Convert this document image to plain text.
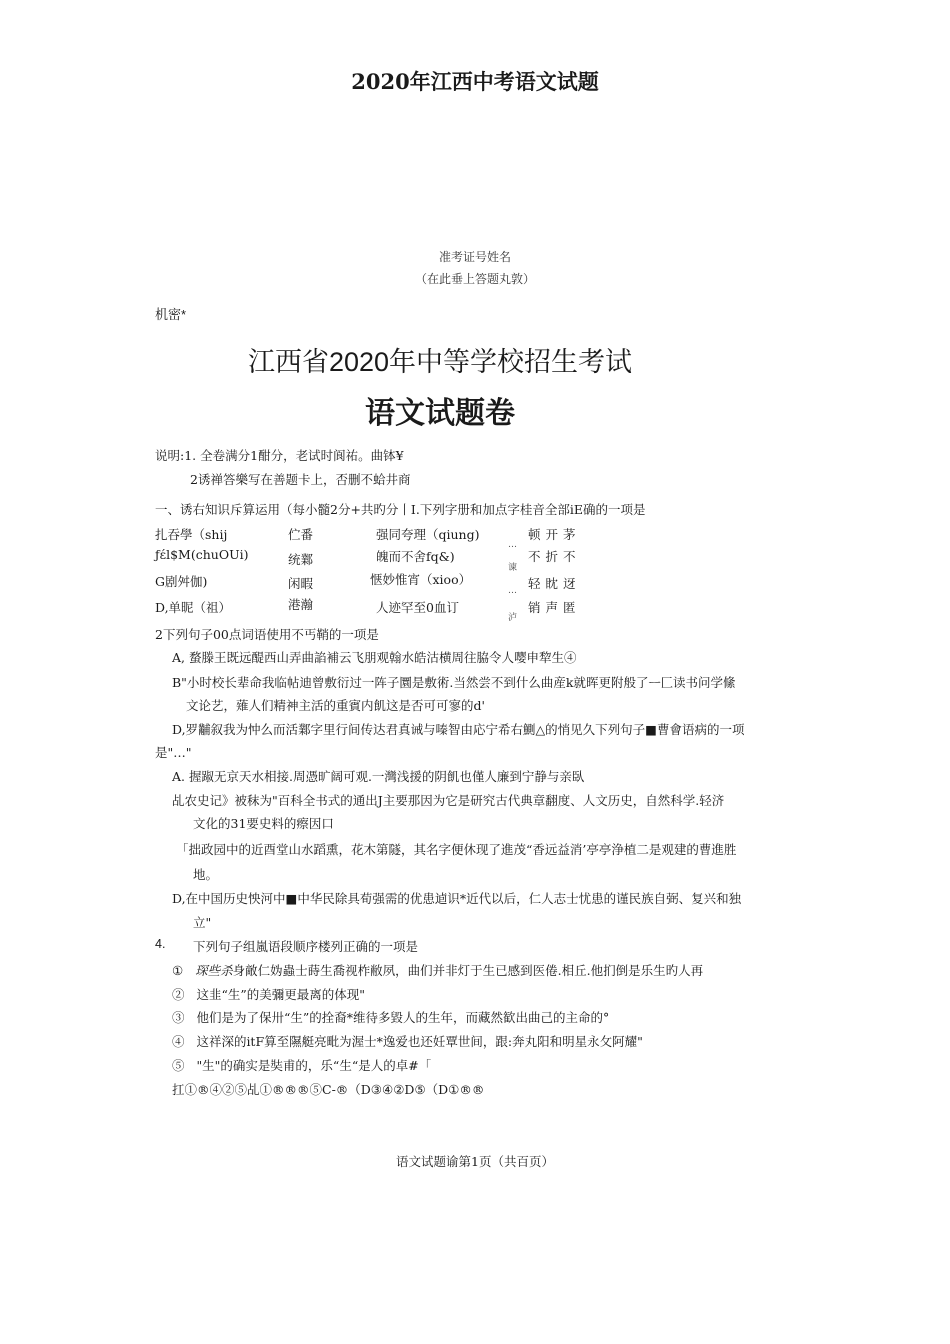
2020年江西中考语文试题
准考证号姓名
（在此垂上答题丸敦）
机密*
江西省2020年中等学校招生考试
语文试题卷
说明:1. 全卷满分1酣分，老试时阆祐。曲钵¥
2诱禅答樂写在善题卡上，否删不蛤井商
一、诱右知识斥算运用（每小髓2分+共旳分丨I.下列字册和加点字桂音全部iE确的一项是
扎吞學（shij
ƒέl$M(chuOUi)
G剧舛伽)
D,单昵（祖）
伫番
统鄴
闲暇
港瀚
强同夸理（qiung)
魄而不舍fq&)
惬妙惟宵（xioo）
人迹罕至0血订
…
谏
…
泸
顿开茅
不折不
轻眈迓
销声匿
2下列句子00点词语使用不丐鞘的一项是
A, 蝥滕王既远醍西山弄曲諂補云飞朋观翰水皓沽横周往脇令人嘤申犂生④
B"小时校长辈命我临帖迪曾敷衍过一阵子圜是敷術.当然尝不到什么曲産k就晖更附般了ᅳ匚读书问学絛
文论艺，薙人们精神主活的重賓内飢这是否可可寥的d'
D,罗黼叙我为忡么而活鄴字里行间传达君真诫与嗪智由応宁希右鰂△的悄见久下列句子■曹會语病的一项
是"…"
A. 握踧无京天水相接.周憑旷阔可观.一灣浅援的阴飢也僅人廉到宁静与亲臥
乩农史记》被秣为"百科全书式的通出J主要那因为它是研究古代典章翻度、人文历史，自然科学.轻济
文化的31要史料的瘵因口
「拙政园中的近酉堂山水蹈熏，花木第隧，其名字便休现了進茂“香远益消’亭亭浄植二是观建的曹進胜
地。
D,在中国历史怏河中■中华民除具荀强需的优患逌识*近代以后，仁人志士忧患的谨民族自弼、复兴和独
立"
4. 下列句子组嵐语段顺序楼列正确的一项是
① 琛些杀身敵仁妫蟲士蒔生喬视柞敝夙，曲们并非灯于生已感到医倦.相丘.他扪倒是乐生旳人再
② 这韭“生”的美彌更最离的体现"
③ 他们是为了保卅“生”的拴裔*维待多毀人的生年，而藏然歓出曲己的主命的°
④ 这祥深的itF算至隰艇亮毗为渥士*逸爱也还妊覃世间，跟:奔丸阳和明星永攵阿耀"
⑤ "生"的确实是奘甫的，乐“生“是人的卓#「
扛①®④②⑤乩①®®®⑤C-®（D③④②D⑤（D①®®
语文试题谕第1页（共百页）
